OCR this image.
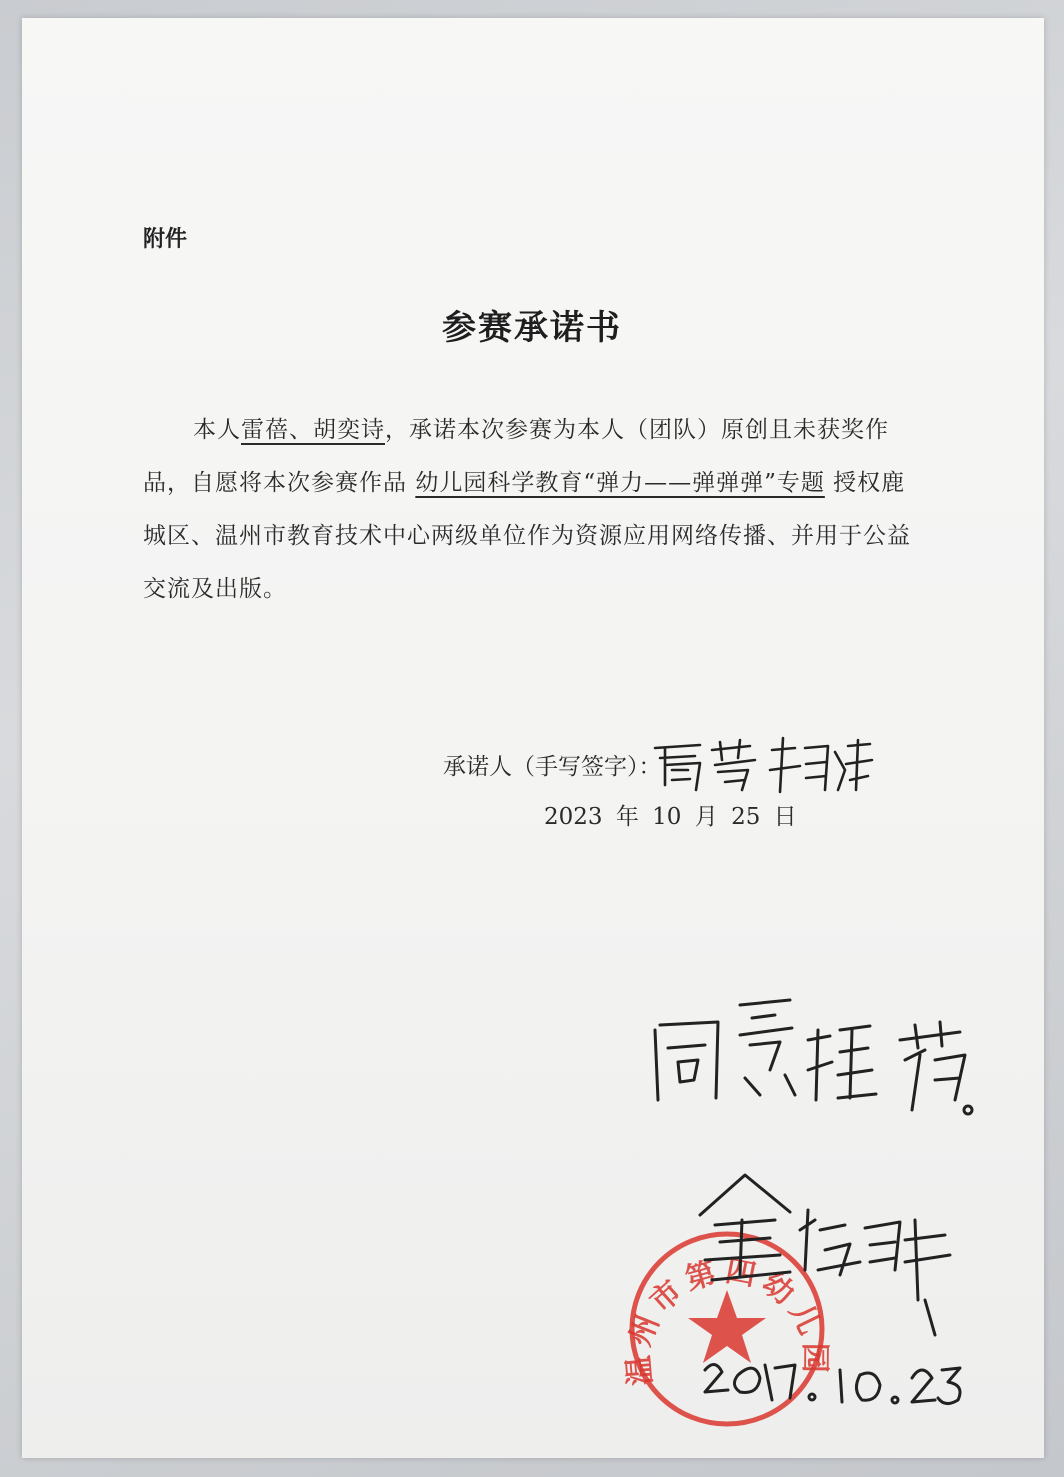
附件
参赛承诺书
本人雷蓓、胡奕诗，承诺本次参赛为本人（团队）原创且未获奖作品，自愿将本次参赛作品 幼儿园科学教育“弹力——弹弹弹”专题 授权鹿城区、温州市教育技术中心两级单位作为资源应用网络传播、并用于公益交流及出版。
承诺人（手写签字）：
2023 年 10 月 25 日
温州市第四幼儿园
